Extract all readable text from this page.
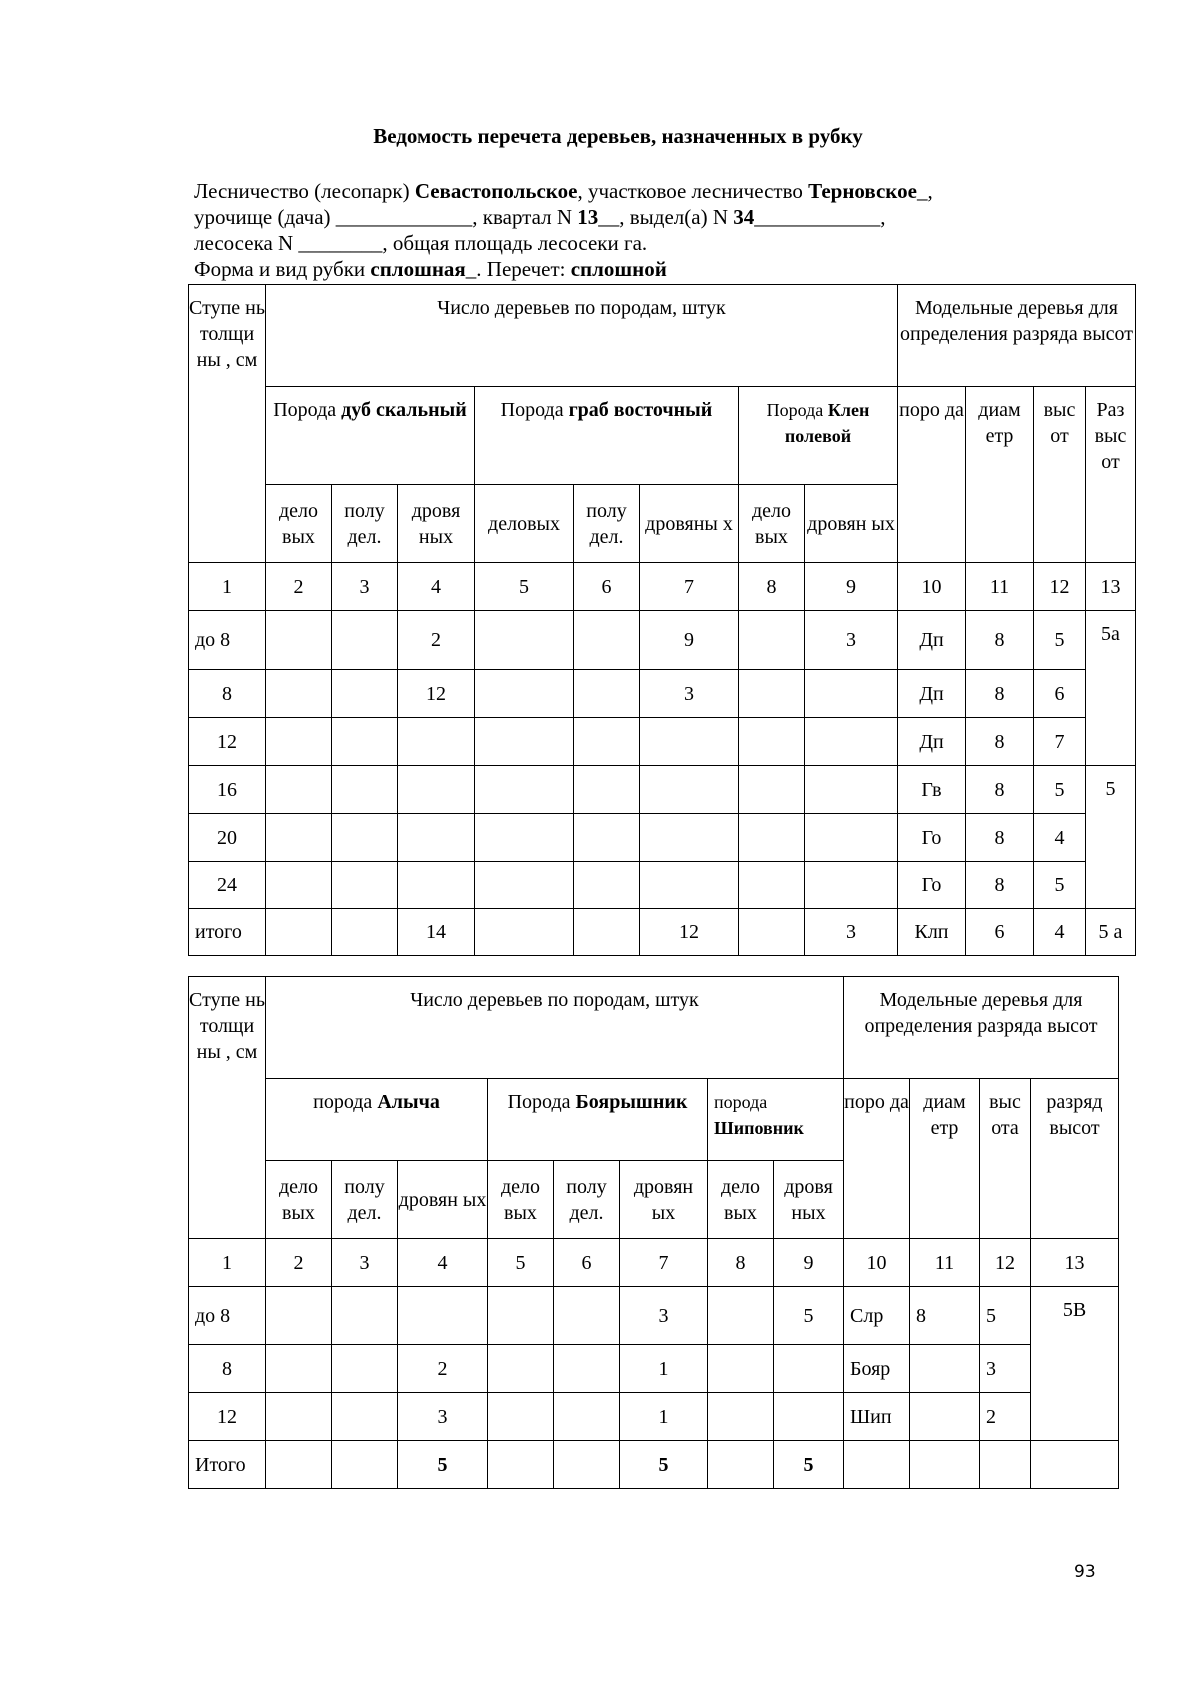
Ведомость перечета деревьев, назначенных в рубку
Лесничество (лесопарк) Севастопольское, участковое лесничество Терновское_,
урочище (дача) _____________, квартал N 13__, выдел(а) N 34____________,
лесосека N ________, общая площадь лесосеки га.
Форма и вид рубки сплошная_. Перечет: сплошной
Ступе нь толщи ны , см	Число деревьев по породам, штук								Модельные деревья для определения разряда высот			
	Порода дуб скальный			Порода граб восточный			Порода Клен полевой		поро да	диам етр	выс от	Раз выс от
	дело вых	полу дел.	дровя ных	деловых	полу дел.	дровяны х	дело вых	дровян ых				
1	2	3	4	5	6	7	8	9	10	11	12	13
до 8			2			9		3	Дп	8	5	5а
8			12			3			Дп	8	6	
12									Дп	8	7	
16									Гв	8	5	5
20									Го	8	4	
24									Го	8	5	
итого			14			12		3	Клп	6	4	5 а
Ступе нь толщи ны , см	Число деревьев по породам, штук								Модельные деревья для определения разряда высот			
	порода Алыча			Порода Боярышник			порода Шиповник		поро да	диам етр	выс ота	разряд высот
	дело вых	полу дел.	дровян ых	дело вых	полу дел.	дровян ых	дело вых	дровя ных				
1	2	3	4	5	6	7	8	9	10	11	12	13
до 8						3		5	Слр	8	5	5В
8			2			1			Бояр		3	
12			3			1			Шип		2	
Итого			5			5		5				
93
